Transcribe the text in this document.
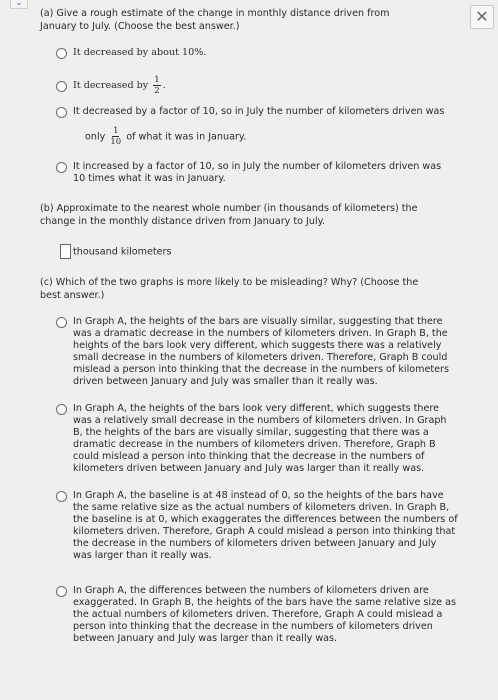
⌄
✕
(a) Give a rough estimate of the change in monthly distance driven from January to July. (Choose the best answer.)
It decreased by about 10%.
It decreased by $\frac{1}{2}$ .
It decreased by a factor of 10, so in July the number of kilometers driven was
only $\frac{1}{10}$ of what it was in January.
It increased by a factor of 10, so in July the number of kilometers driven was 10 times what it was in January.
(b) Approximate to the nearest whole number (in thousands of kilometers) the change in the monthly distance driven from January to July.
thousand kilometers
(c) Which of the two graphs is more likely to be misleading? Why? (Choose the best answer.)
In Graph A, the heights of the bars are visually similar, suggesting that there was a dramatic decrease in the numbers of kilometers driven. In Graph B, the heights of the bars look very different, which suggests there was a relatively small decrease in the numbers of kilometers driven. Therefore, Graph B could mislead a person into thinking that the decrease in the numbers of kilometers driven between January and July was smaller than it really was.
In Graph A, the heights of the bars look very different, which suggests there was a relatively small decrease in the numbers of kilometers driven. In Graph B, the heights of the bars are visually similar, suggesting that there was a dramatic decrease in the numbers of kilometers driven. Therefore, Graph B could mislead a person into thinking that the decrease in the numbers of kilometers driven between January and July was larger than it really was.
In Graph A, the baseline is at 48 instead of 0, so the heights of the bars have the same relative size as the actual numbers of kilometers driven. In Graph B, the baseline is at 0, which exaggerates the differences between the numbers of kilometers driven. Therefore, Graph A could mislead a person into thinking that the decrease in the numbers of kilometers driven between January and July was larger than it really was.
In Graph A, the differences between the numbers of kilometers driven are exaggerated. In Graph B, the heights of the bars have the same relative size as the actual numbers of kilometers driven. Therefore, Graph A could mislead a person into thinking that the decrease in the numbers of kilometers driven between January and July was larger than it really was.
